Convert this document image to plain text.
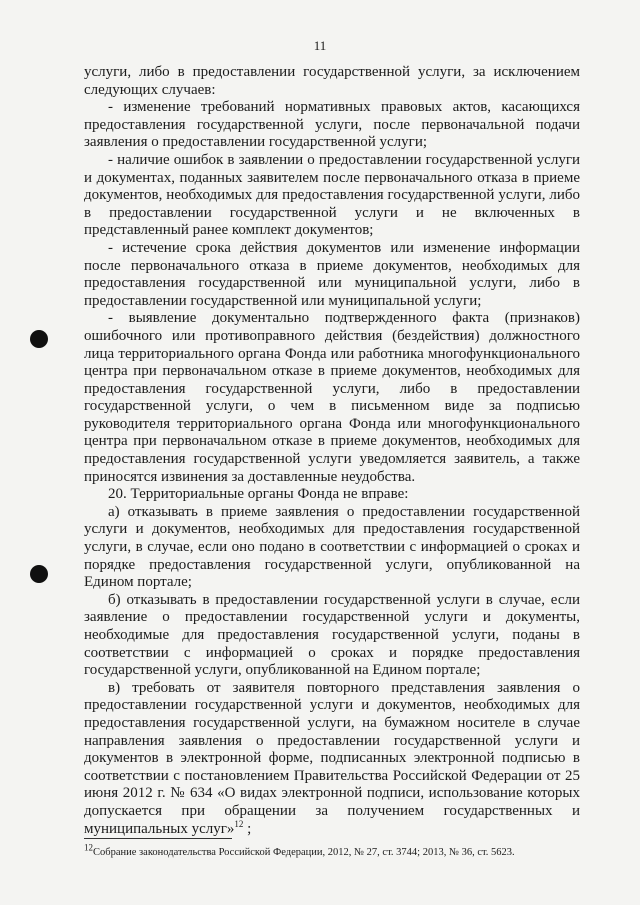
11

услуги, либо в предоставлении государственной услуги, за исключением следующих случаев:

- изменение требований нормативных правовых актов, касающихся предоставления государственной услуги, после первоначальной подачи заявления о предоставлении государственной услуги;

- наличие ошибок в заявлении о предоставлении государственной услуги и документах, поданных заявителем после первоначального отказа в приеме документов, необходимых для предоставления государственной услуги, либо в предоставлении государственной услуги и не включенных в представленный ранее комплект документов;

- истечение срока действия документов или изменение информации после первоначального отказа в приеме документов, необходимых для предоставления государственной или муниципальной услуги, либо в предоставлении государственной или муниципальной услуги;

- выявление документально подтвержденного факта (признаков) ошибочного или противоправного действия (бездействия) должностного лица территориального органа Фонда или работника многофункционального центра при первоначальном отказе в приеме документов, необходимых для предоставления государственной услуги, либо в предоставлении государственной услуги, о чем в письменном виде за подписью руководителя территориального органа Фонда или многофункционального центра при первоначальном отказе в приеме документов, необходимых для предоставления государственной услуги уведомляется заявитель, а также приносятся извинения за доставленные неудобства.

20. Территориальные органы Фонда не вправе:

а) отказывать в приеме заявления о предоставлении государственной услуги и документов, необходимых для предоставления государственной услуги, в случае, если оно подано в соответствии с информацией о сроках и порядке предоставления государственной услуги, опубликованной на Едином портале;

б) отказывать в предоставлении государственной услуги в случае, если заявление о предоставлении государственной услуги и документы, необходимые для предоставления государственной услуги, поданы в соответствии с информацией о сроках и порядке предоставления государственной услуги, опубликованной на Едином портале;

в) требовать от заявителя повторного представления заявления о предоставлении государственной услуги и документов, необходимых для предоставления государственной услуги, на бумажном носителе в случае направления заявления о предоставлении государственной услуги и документов в электронной форме, подписанных электронной подписью в соответствии с постановлением Правительства Российской Федерации от 25 июня 2012 г. № 634 «О видах электронной подписи, использование которых допускается при обращении за получением государственных и муниципальных услуг»$^{12}$ ;

$^{12}$Собрание законодательства Российской Федерации, 2012, № 27, ст. 3744; 2013, № 36, ст. 5623.
